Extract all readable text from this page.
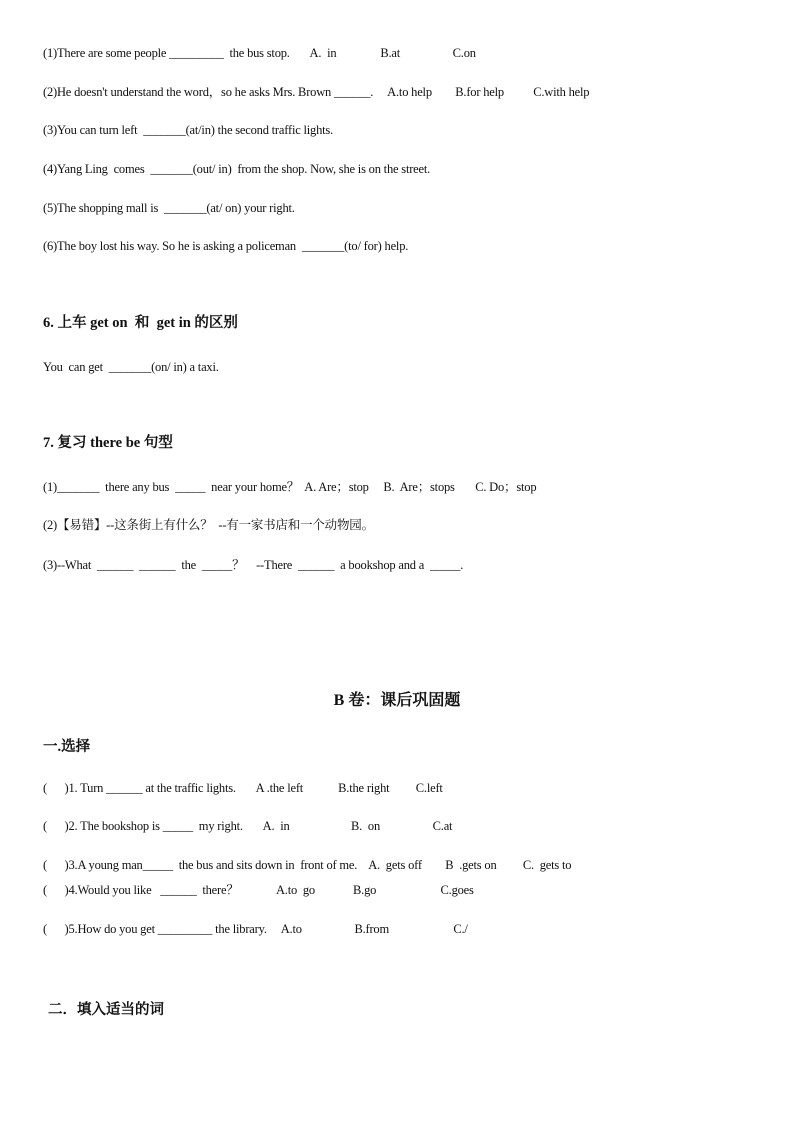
(1)There are some people _________  the bus stop.       A.  in               B.at                  C.on
(2)He doesn't understand the word，so he asks Mrs. Brown ______.     A.to help        B.for help          C.with help
(3)You can turn left  _______(at/in) the second traffic lights.
(4)Yang Ling  comes  _______(out/ in)  from the shop. Now, she is on the street.
(5)The shopping mall is  _______(at/ on) your right.
(6)The boy lost his way. So he is asking a policeman  _______(to/ for) help.
6. 上车 get on  和  get in 的区别
You  can get  _______(on/ in) a taxi.
7. 复习 there be 句型
(1)_______  there any bus  _____  near your home？  A. Are；stop     B.  Are；stops       C. Do；stop
(2)【易错】--这条街上有什么？  --有一家书店和一个动物园。
(3)--What  ______  ______  the  _____？    --There  ______  a bookshop and a  _____.
B 卷：课后巩固题
一.选择
(      )1. Turn ______ at the traffic lights.       A .the left            B.the right         C.left
(      )2. The bookshop is _____  my right.       A.  in                     B.  on                  C.at
(      )3.A young man_____  the bus and sits down in  front of me.    A.  gets off        B  .gets on         C.  gets to
(      )4.Would you like   ______  there？             A.to  go             B.go                      C.goes
(      )5.How do you get _________ the library.     A.to                  B.from                      C./
二．填入适当的词
